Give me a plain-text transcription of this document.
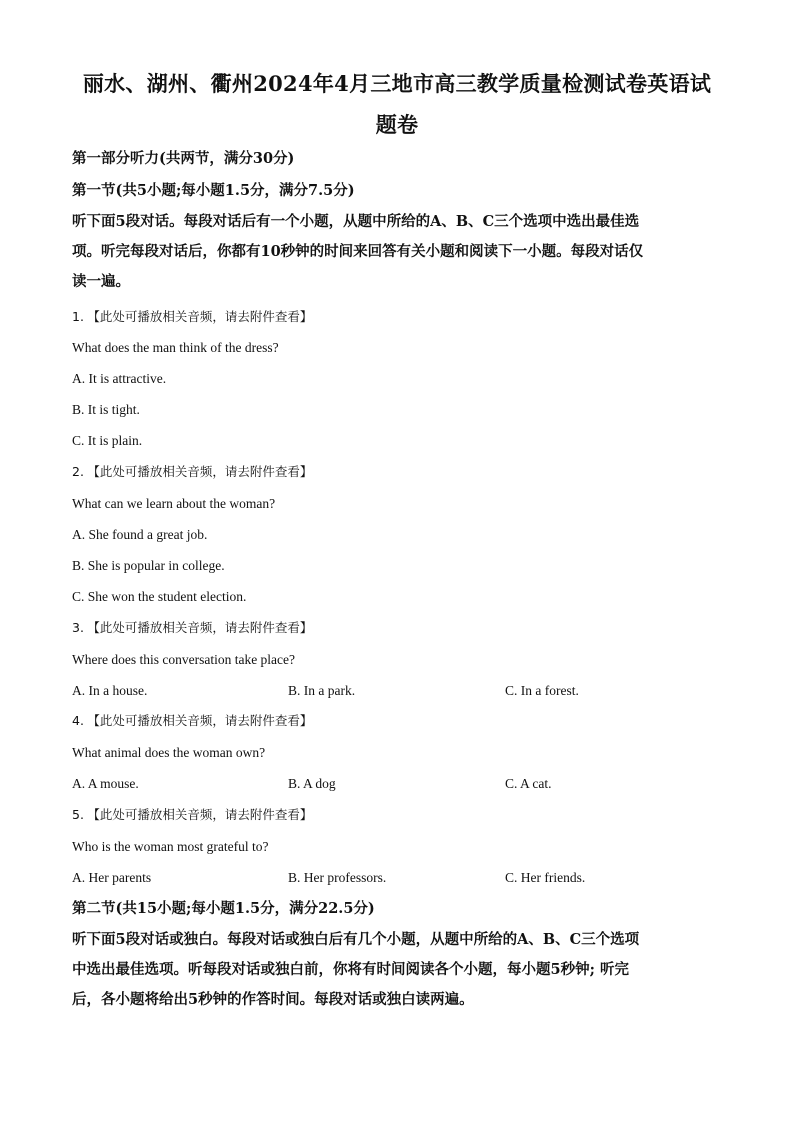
丽水、湖州、衢州2024年4月三地市高三教学质量检测试卷英语试
题卷
第一部分听力(共两节，满分30分)
第一节(共5小题;每小题1.5分，满分7.5分)
听下面5段对话。每段对话后有一个小题，从题中所给的A、B、C三个选项中选出最佳选
项。听完每段对话后，你都有10秒钟的时间来回答有关小题和阅读下一小题。每段对话仅
读一遍。
1. 【此处可播放相关音频，请去附件查看】
What does the man think of the dress?
A. It is attractive.
B. It is tight.
C. It is plain.
2. 【此处可播放相关音频，请去附件查看】
What can we learn about the woman?
A. She found a great job.
B. She is popular in college.
C. She won the student election.
3. 【此处可播放相关音频，请去附件查看】
Where does this conversation take place?
A. In a house.	B. In a park.	C. In a forest.
4. 【此处可播放相关音频，请去附件查看】
What animal does the woman own?
A. A mouse.	B. A dog	C. A cat.
5. 【此处可播放相关音频，请去附件查看】
Who is the woman most grateful to?
A. Her parents	B. Her professors.	C. Her friends.
第二节(共15小题;每小题1.5分，满分22.5分)
听下面5段对话或独白。每段对话或独白后有几个小题，从题中所给的A、B、C三个选项
中选出最佳选项。听每段对话或独白前，你将有时间阅读各个小题，每小题5秒钟; 听完
后，各小题将给出5秒钟的作答时间。每段对话或独白读两遍。
